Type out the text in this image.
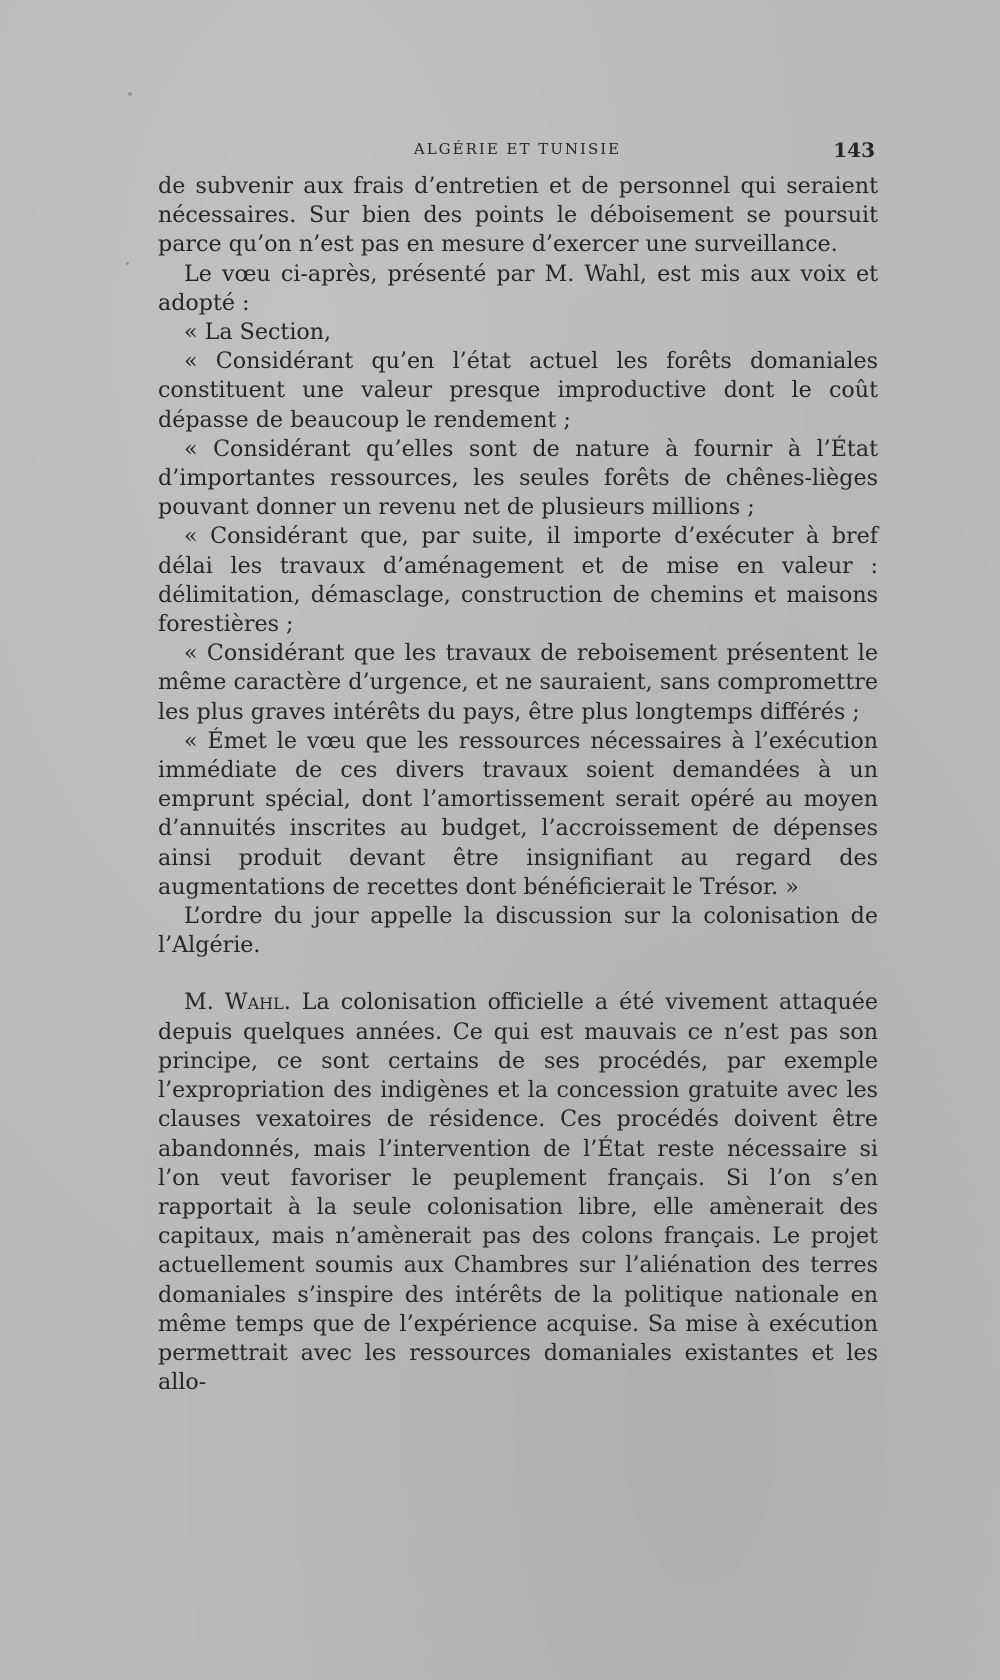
ALGÉRIE ET TUNISIE	143

de subvenir aux frais d’entretien et de personnel qui seraient nécessaires. Sur bien des points le déboisement se poursuit parce qu’on n’est pas en mesure d’exercer une surveillance.

Le vœu ci-après, présenté par M. Wahl, est mis aux voix et adopté :

« La Section,

« Considérant qu’en l’état actuel les forêts domaniales constituent une valeur presque improductive dont le coût dépasse de beaucoup le rendement ;

« Considérant qu’elles sont de nature à fournir à l’État d’importantes ressources, les seules forêts de chênes-lièges pouvant donner un revenu net de plusieurs millions ;

« Considérant que, par suite, il importe d’exécuter à bref délai les travaux d’aménagement et de mise en valeur : délimitation, démasclage, construction de chemins et maisons forestières ;

« Considérant que les travaux de reboisement présentent le même caractère d’urgence, et ne sauraient, sans compromettre les plus graves intérêts du pays, être plus longtemps différés ;

« Émet le vœu que les ressources nécessaires à l’exécution immédiate de ces divers travaux soient demandées à un emprunt spécial, dont l’amortissement serait opéré au moyen d’annuités inscrites au budget, l’accroissement de dépenses ainsi produit devant être insignifiant au regard des augmentations de recettes dont bénéficierait le Trésor. »

L’ordre du jour appelle la discussion sur la colonisation de l’Algérie.

M. Wahl. La colonisation officielle a été vivement attaquée depuis quelques années. Ce qui est mauvais ce n’est pas son principe, ce sont certains de ses procédés, par exemple l’expropriation des indigènes et la concession gratuite avec les clauses vexatoires de résidence. Ces procédés doivent être abandonnés, mais l’intervention de l’État reste nécessaire si l’on veut favoriser le peuplement français. Si l’on s’en rapportait à la seule colonisation libre, elle amènerait des capitaux, mais n’amènerait pas des colons français. Le projet actuellement soumis aux Chambres sur l’aliénation des terres domaniales s’inspire des intérêts de la politique nationale en même temps que de l’expérience acquise. Sa mise à exécution permettrait avec les ressources domaniales existantes et les allo-
